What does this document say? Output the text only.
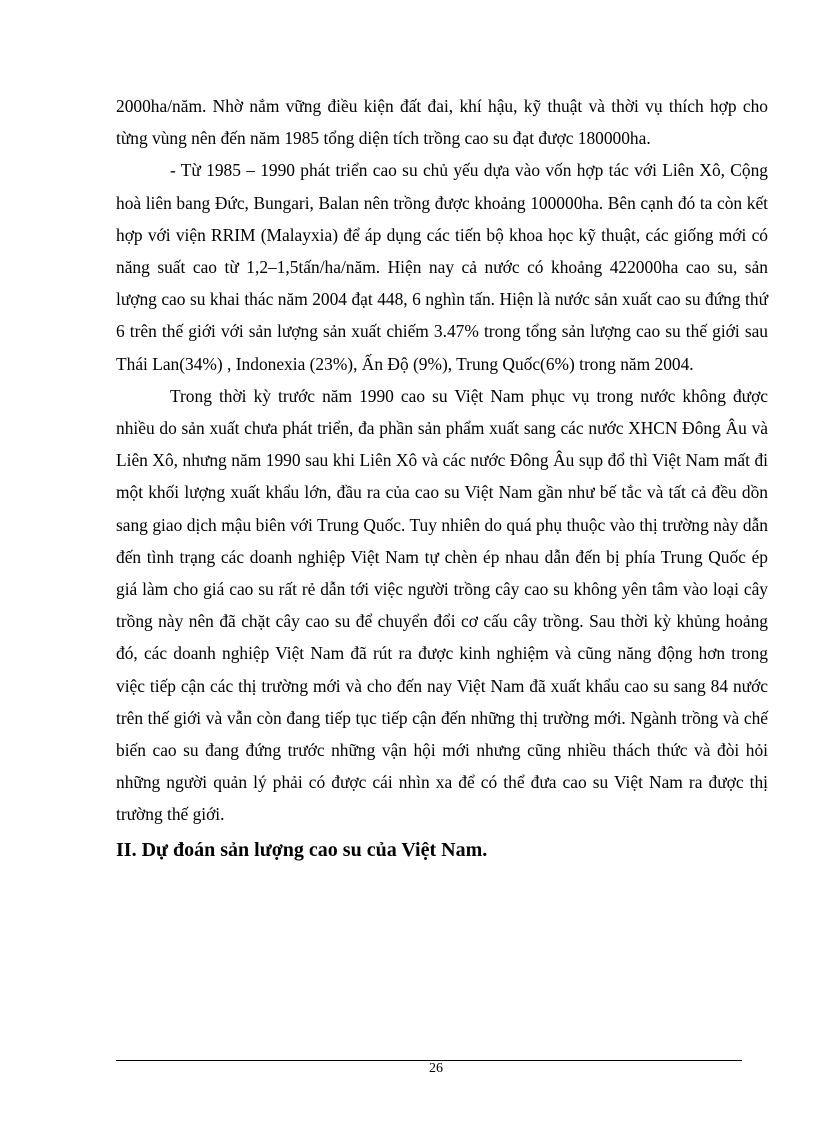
2000ha/năm. Nhờ nắm vững điều kiện đất đai, khí hậu, kỹ thuật và thời vụ thích hợp cho từng vùng nên đến năm 1985 tổng diện tích trồng cao su đạt được 180000ha.

- Từ 1985 – 1990 phát triển cao su chủ yếu dựa vào vốn hợp tác với Liên Xô, Cộng hoà liên bang Đức, Bungari, Balan nên trồng được khoảng 100000ha. Bên cạnh đó ta còn kết hợp với viện RRIM (Malayxia) để áp dụng các tiến bộ khoa học kỹ thuật, các giống mới có năng suất cao từ 1,2–1,5tấn/ha/năm. Hiện nay cả nước có khoảng 422000ha cao su, sản lượng cao su khai thác năm 2004 đạt 448, 6 nghìn tấn. Hiện là nước sản xuất cao su đứng thứ 6 trên thế giới với sản lượng sản xuất chiếm 3.47% trong tổng sản lượng cao su thế giới sau Thái Lan(34%) , Indonexia (23%), Ấn Độ (9%), Trung Quốc(6%) trong năm 2004.

Trong thời kỳ trước năm 1990 cao su Việt Nam phục vụ trong nước không được nhiều do sản xuất chưa phát triển, đa phần sản phẩm xuất sang các nước XHCN Đông Âu và Liên Xô, nhưng năm 1990 sau khi Liên Xô và các nước Đông Âu sụp đổ thì Việt Nam mất đi một khối lượng xuất khẩu lớn, đầu ra của cao su Việt Nam gần như bế tắc và tất cả đều dồn sang giao dịch mậu biên với Trung Quốc. Tuy nhiên do quá phụ thuộc vào thị trường này dẫn đến tình trạng các doanh nghiệp Việt Nam tự chèn ép nhau dẫn đến bị phía Trung Quốc ép giá làm cho giá cao su rất rẻ dẫn tới việc người trồng cây cao su không yên tâm vào loại cây trồng này nên đã chặt cây cao su để chuyển đổi cơ cấu cây trồng. Sau thời kỳ khủng hoảng đó, các doanh nghiệp Việt Nam đã rút ra được kinh nghiệm và cũng năng động hơn trong việc tiếp cận các thị trường mới và cho đến nay Việt Nam đã xuất khẩu cao su sang 84 nước trên thế giới và vẫn còn đang tiếp tục tiếp cận đến những thị trường mới. Ngành trồng và chế biến cao su đang đứng trước những vận hội mới nhưng cũng nhiều thách thức và đòi hỏi những người quản lý phải có được cái nhìn xa để có thể đưa cao su Việt Nam ra được thị trường thế giới.

II. Dự đoán sản lượng cao su của Việt Nam.
26
